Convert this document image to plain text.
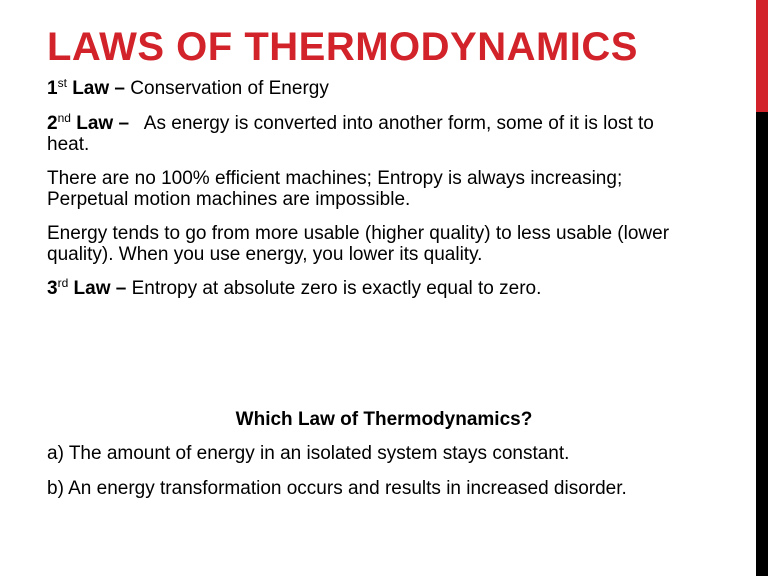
LAWS OF THERMODYNAMICS

1st Law – Conservation of Energy

2nd Law –   As energy is converted into another form, some of it is lost to heat.

There are no 100% efficient machines; Entropy is always increasing; Perpetual motion machines are impossible.

Energy tends to go from more usable (higher quality) to less usable (lower quality). When you use energy, you lower its quality.

3rd Law – Entropy at absolute zero is exactly equal to zero.

Which Law of Thermodynamics?

a) The amount of energy in an isolated system stays constant.

b) An energy transformation occurs and results in increased disorder.
